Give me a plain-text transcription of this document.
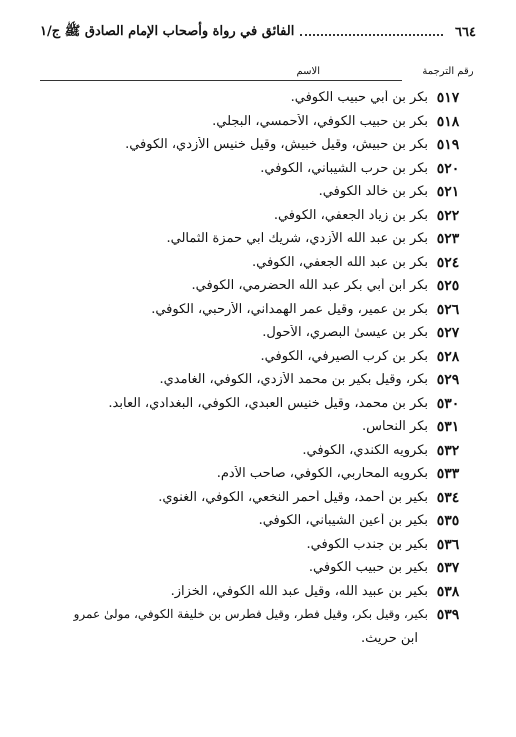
٦٦٤
الفائق في رواة وأصحاب الإمام الصادق ﷺ ج/١
رقم الترجمة
الاسم
٥١٧
بكر بن أبي حبيب الكوفي.
٥١٨
بكر بن حبيب الكوفي، الأحمسي، البجلي.
٥١٩
بكر بن حبيش، وقيل خبيش، وقيل خنيس الأزدي، الكوفي.
٥٢٠
بكر بن حرب الشيباني، الكوفي.
٥٢١
بكر بن خالد الكوفي.
٥٢٢
بكر بن زياد الجعفي، الكوفي.
٥٢٣
بكر بن عبد الله الأزدي، شريك ابي حمزة الثمالي.
٥٢٤
بكر بن عبد الله الجعفي، الكوفي.
٥٢٥
بكر ابن أبي بكر عبد الله الحضرمي، الكوفي.
٥٢٦
بكر بن عمير، وقيل عمر الهمداني، الأرحبي، الكوفي.
٥٢٧
بكر بن عيسىٰ البصري، الأحول.
٥٢٨
بكر بن كرب الصيرفي، الكوفي.
٥٢٩
بكر، وقيل بكير بن محمد الأزدي، الكوفي، الغامدي.
٥٣٠
بكر بن محمد، وقيل خنيس العبدي، الكوفي، البغدادي، العابد.
٥٣١
بكر النحاس.
٥٣٢
بكرويه الكندي، الكوفي.
٥٣٣
بكرويه المحاربي، الكوفي، صاحب الأدم.
٥٣٤
بكير بن أحمد، وقيل أحمر النخعي، الكوفي، الغنوي.
٥٣٥
بكير بن أعين الشيباني، الكوفي.
٥٣٦
بكير بن جندب الكوفي.
٥٣٧
بكير بن حبيب الكوفي.
٥٣٨
بكير بن عبيد الله، وقيل عبد الله الكوفي، الخزاز.
٥٣٩
بكير، وقيل بكر، وقيل فطر، وقيل فطرس بن خليفة الكوفي، مولىٰ عمرو
ابن حريث.
